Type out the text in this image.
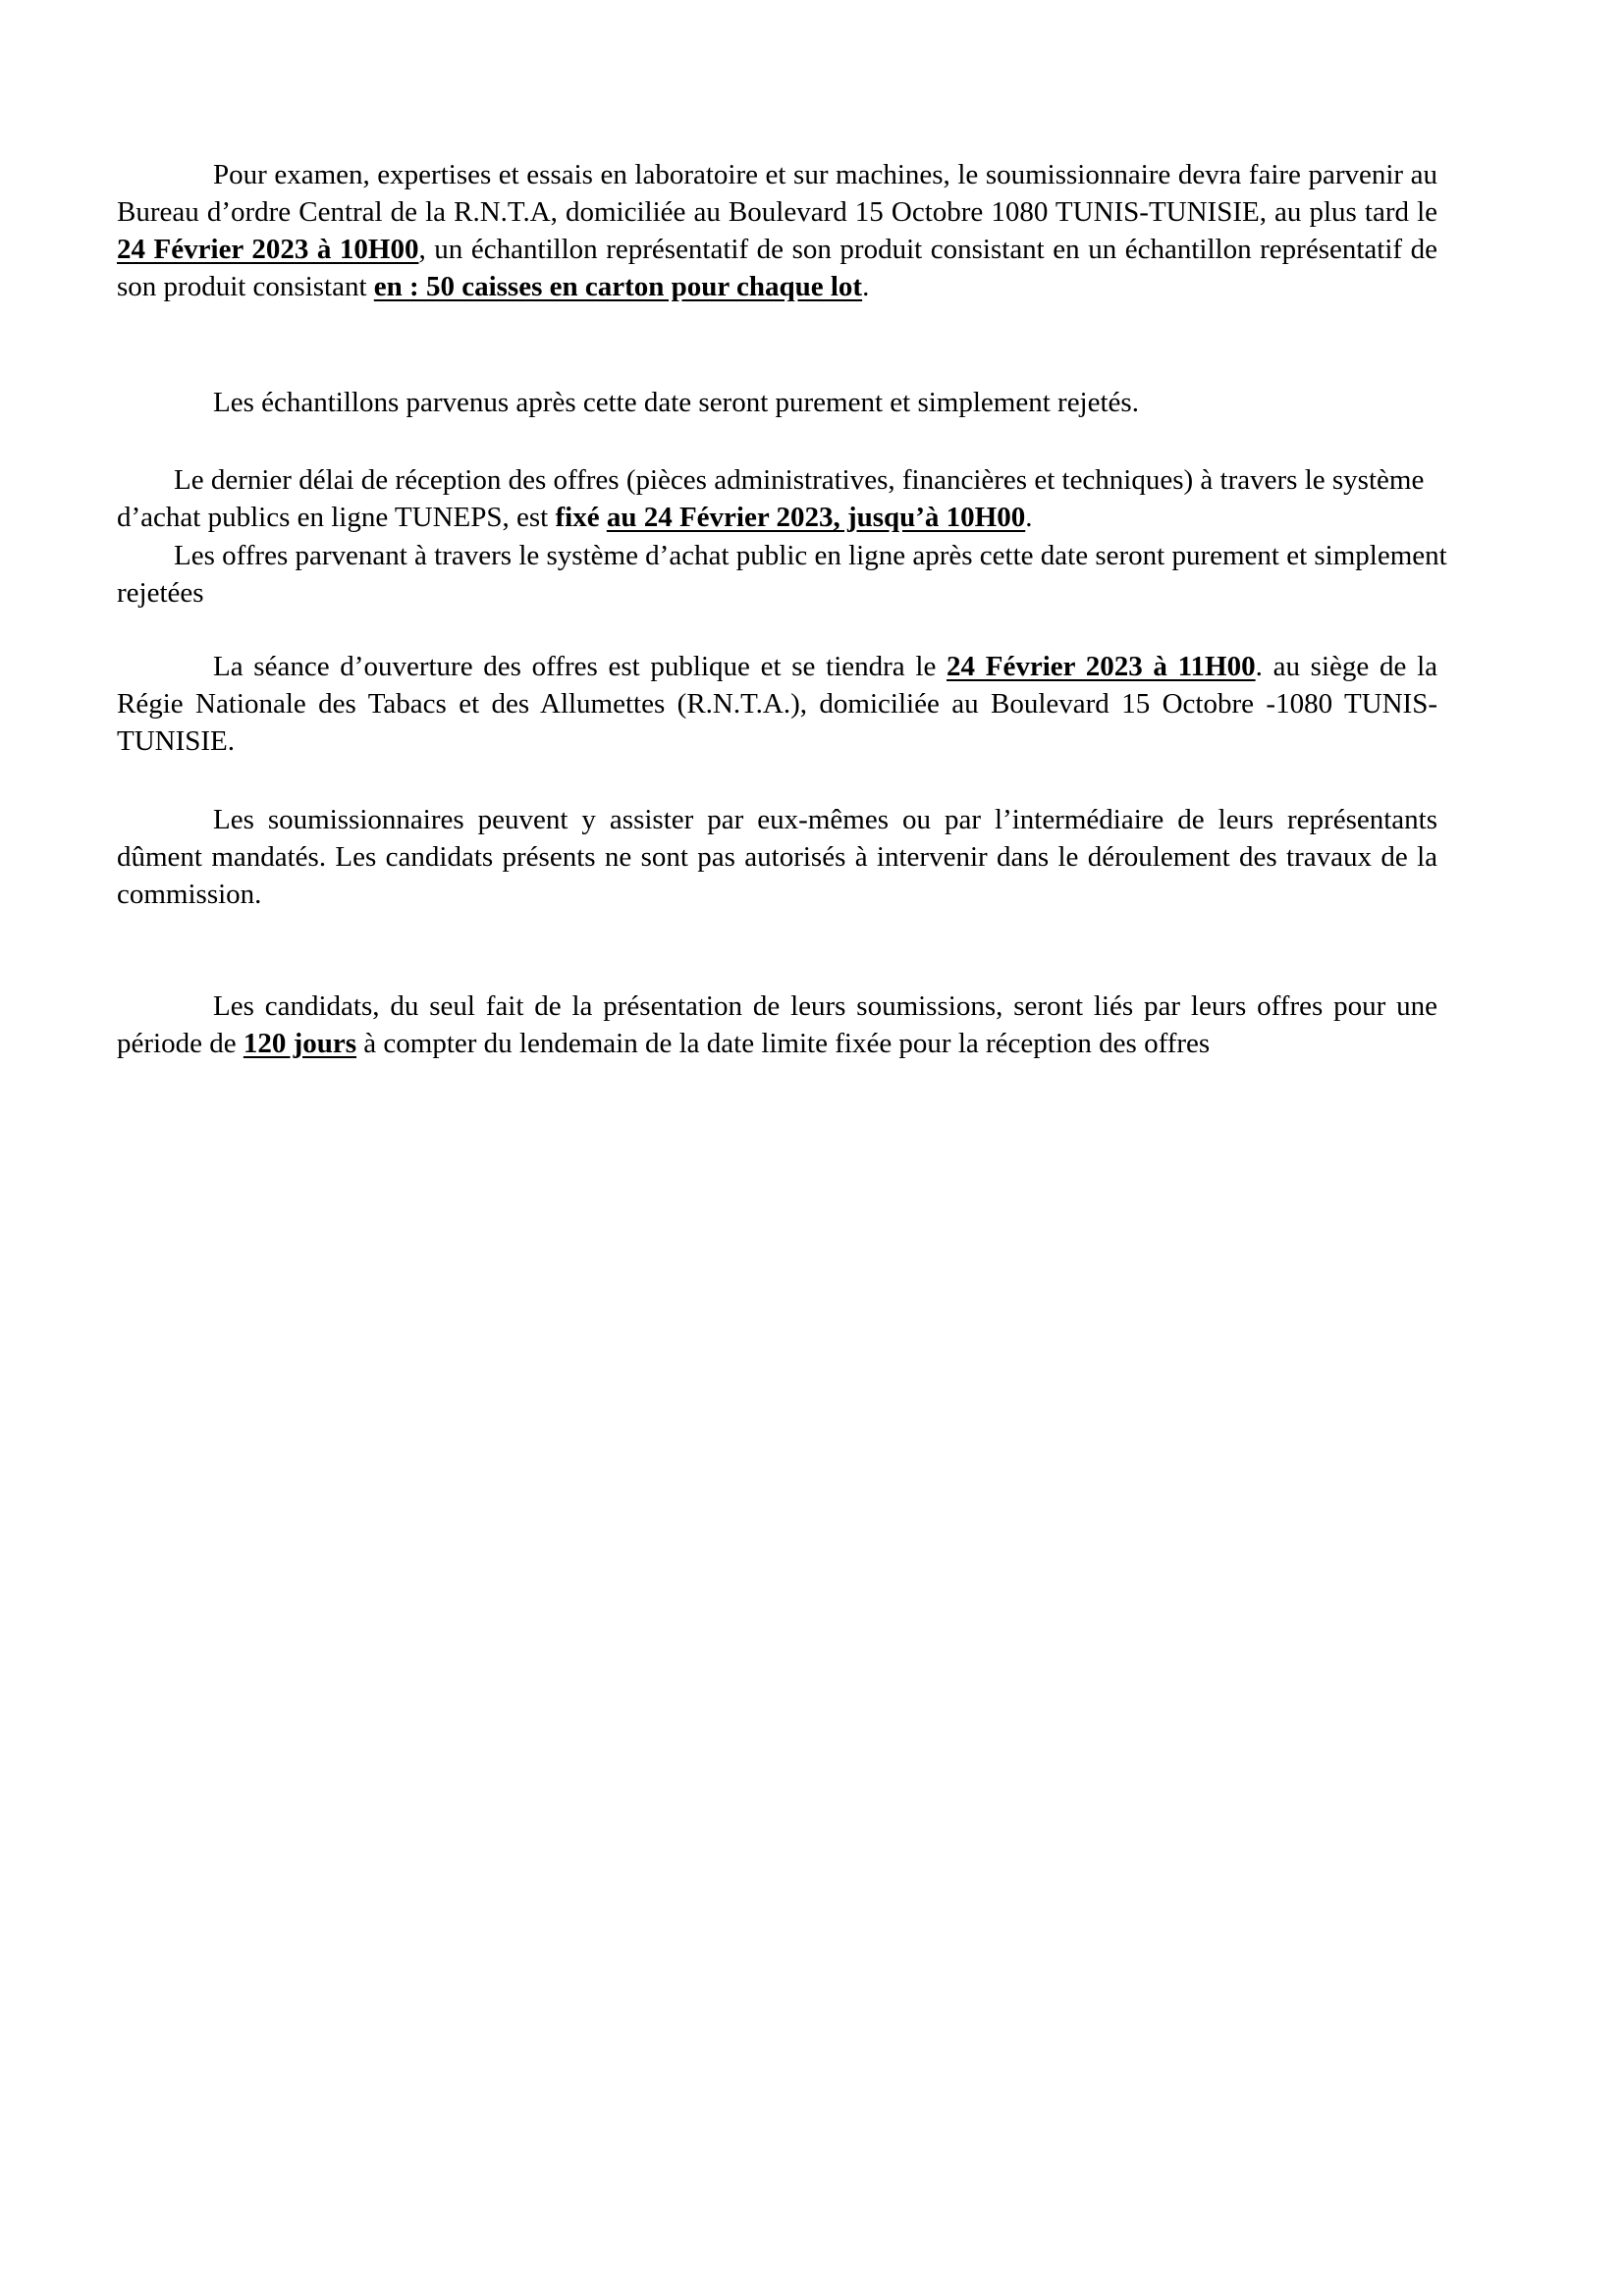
Pour examen, expertises et essais en laboratoire et sur machines, le soumissionnaire devra faire parvenir au Bureau d’ordre Central de la R.N.T.A, domiciliée au Boulevard 15 Octobre 1080 TUNIS-TUNISIE, au plus tard le 24 Février 2023 à 10H00, un échantillon représentatif de son produit consistant en un échantillon représentatif de son produit consistant en : 50 caisses en carton pour chaque lot.

Les échantillons parvenus après cette date seront purement et simplement rejetés.

Le dernier délai de réception des offres (pièces administratives, financières et techniques) à travers le système d’achat publics en ligne TUNEPS, est fixé au 24 Février 2023, jusqu’à 10H00.

Les offres parvenant à travers le système d’achat public en ligne après cette date seront purement et simplement rejetées

La séance d’ouverture des offres est publique et se tiendra le 24 Février 2023 à 11H00. au siège de la Régie Nationale des Tabacs et des Allumettes (R.N.T.A.), domiciliée au Boulevard 15 Octobre -1080 TUNIS-TUNISIE.

Les soumissionnaires peuvent y assister par eux-mêmes ou par l’intermédiaire de leurs représentants dûment mandatés. Les candidats présents ne sont pas autorisés à intervenir dans le déroulement des travaux de la commission.

Les candidats, du seul fait de la présentation de leurs soumissions, seront liés par leurs offres pour une période de 120 jours à compter du lendemain de la date limite fixée pour la réception des offres
